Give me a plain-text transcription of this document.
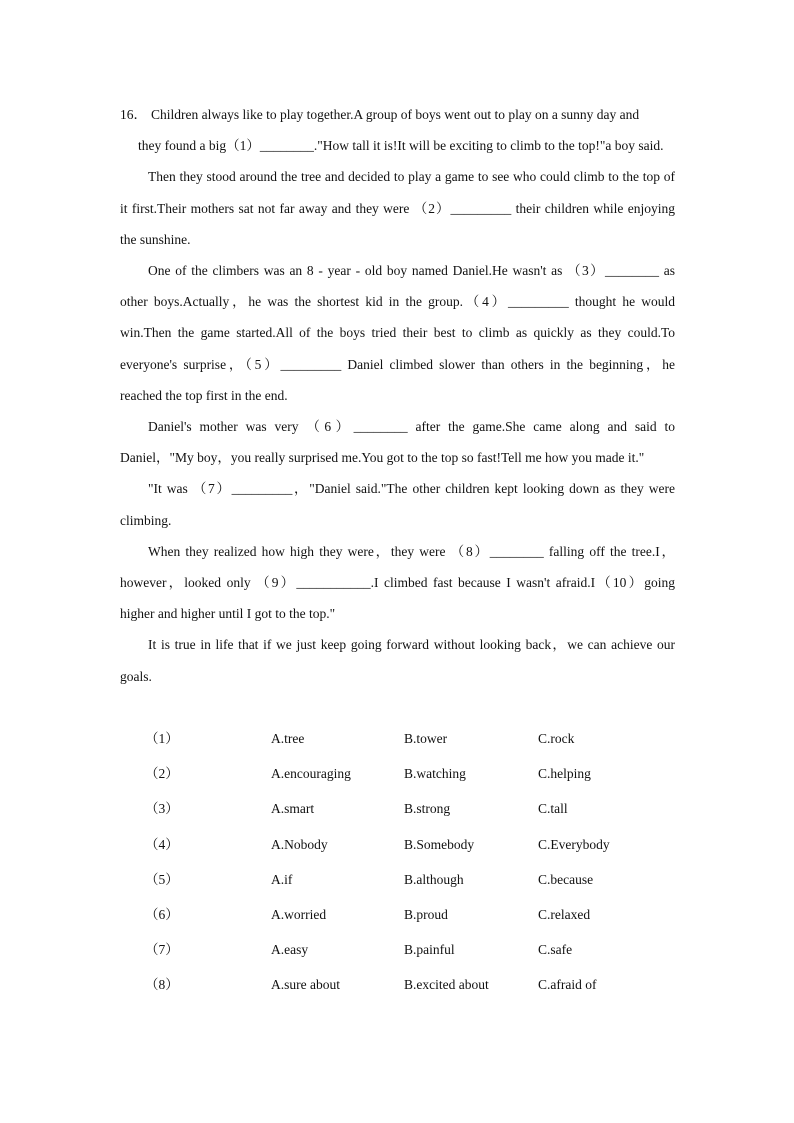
16． Children always like to play together.A group of boys went out to play on a sunny day and

they found a big（1）________."How tall it is!It will be exciting to climb to the top!"a boy said.

Then they stood around the tree and decided to play a game to see who could climb to the top of it first.Their mothers sat not far away and they were （2）_________ their children while enjoying the sunshine.

One of the climbers was an 8 - year - old boy named Daniel.He wasn't as （3）________ as other boys.Actually，he was the shortest kid in the group.（4）_________ thought he would win.Then the game started.All of the boys tried their best to climb as quickly as they could.To everyone's surprise，（5）_________ Daniel climbed slower than others in the beginning，he reached the top first in the end.

Daniel's mother was very （6）________ after the game.She came along and said to Daniel，"My boy，you really surprised me.You got to the top so fast!Tell me how you made it."

"It was （7）_________，"Daniel said."The other children kept looking down as they were climbing.

When they realized how high they were，they were （8）________ falling off the tree.I，however，looked only （9）___________.I climbed fast because I wasn't afraid.I（10）going higher and higher until I got to the top."

It is true in life that if we just keep going forward without looking back，we can achieve our goals.

（1）	A.tree	B.tower	C.rock
（2）	A.encouraging	B.watching	C.helping
（3）	A.smart	B.strong	C.tall
（4）	A.Nobody	B.Somebody	C.Everybody
（5）	A.if	B.although	C.because
（6）	A.worried	B.proud	C.relaxed
（7）	A.easy	B.painful	C.safe
（8）	A.sure about	B.excited about	C.afraid of
